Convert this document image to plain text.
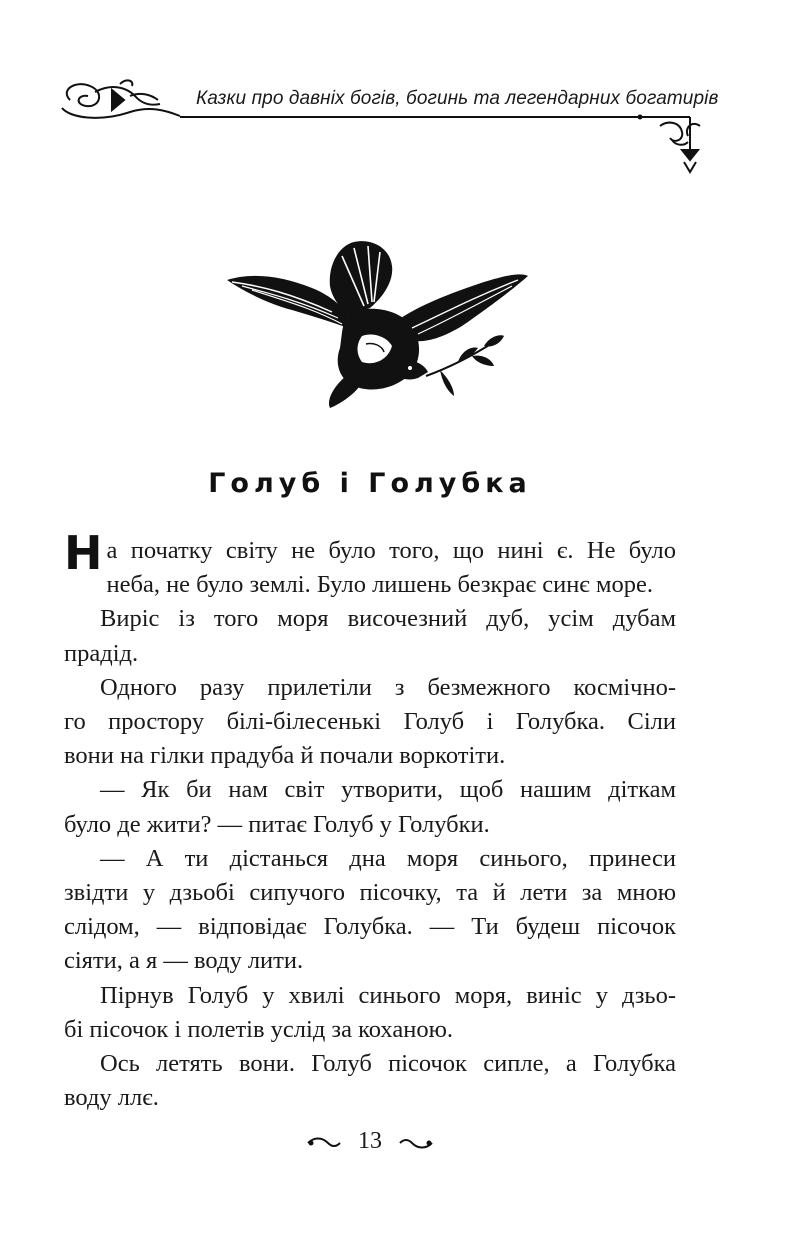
Казки про давніх богів, богинь та легендарних богатирів
Голуб і Голубка

На початку світу не було того, що нині є. Не було

неба, не було землі. Було лишень безкрає синє море.

Виріс із того моря височезний дуб, усім дубам

прадід.

Одного разу прилетіли з безмежного космічно-

го простору білі-білесенькі Голуб і Голубка. Сіли

вони на гілки прадуба й почали воркотіти.

— Як би нам світ утворити, щоб нашим діткам

було де жити? — питає Голуб у Голубки.

— А ти дістанься дна моря синього, принеси

звідти у дзьобі сипучого пісочку, та й лети за мною

слідом, — відповідає Голубка. — Ти будеш пісочок

сіяти, а я — воду лити.

Пірнув Голуб у хвилі синього моря, виніс у дзьо-

бі пісочок і полетів услід за коханою.

Ось летять вони. Голуб пісочок сипле, а Голубка

воду ллє.

13
